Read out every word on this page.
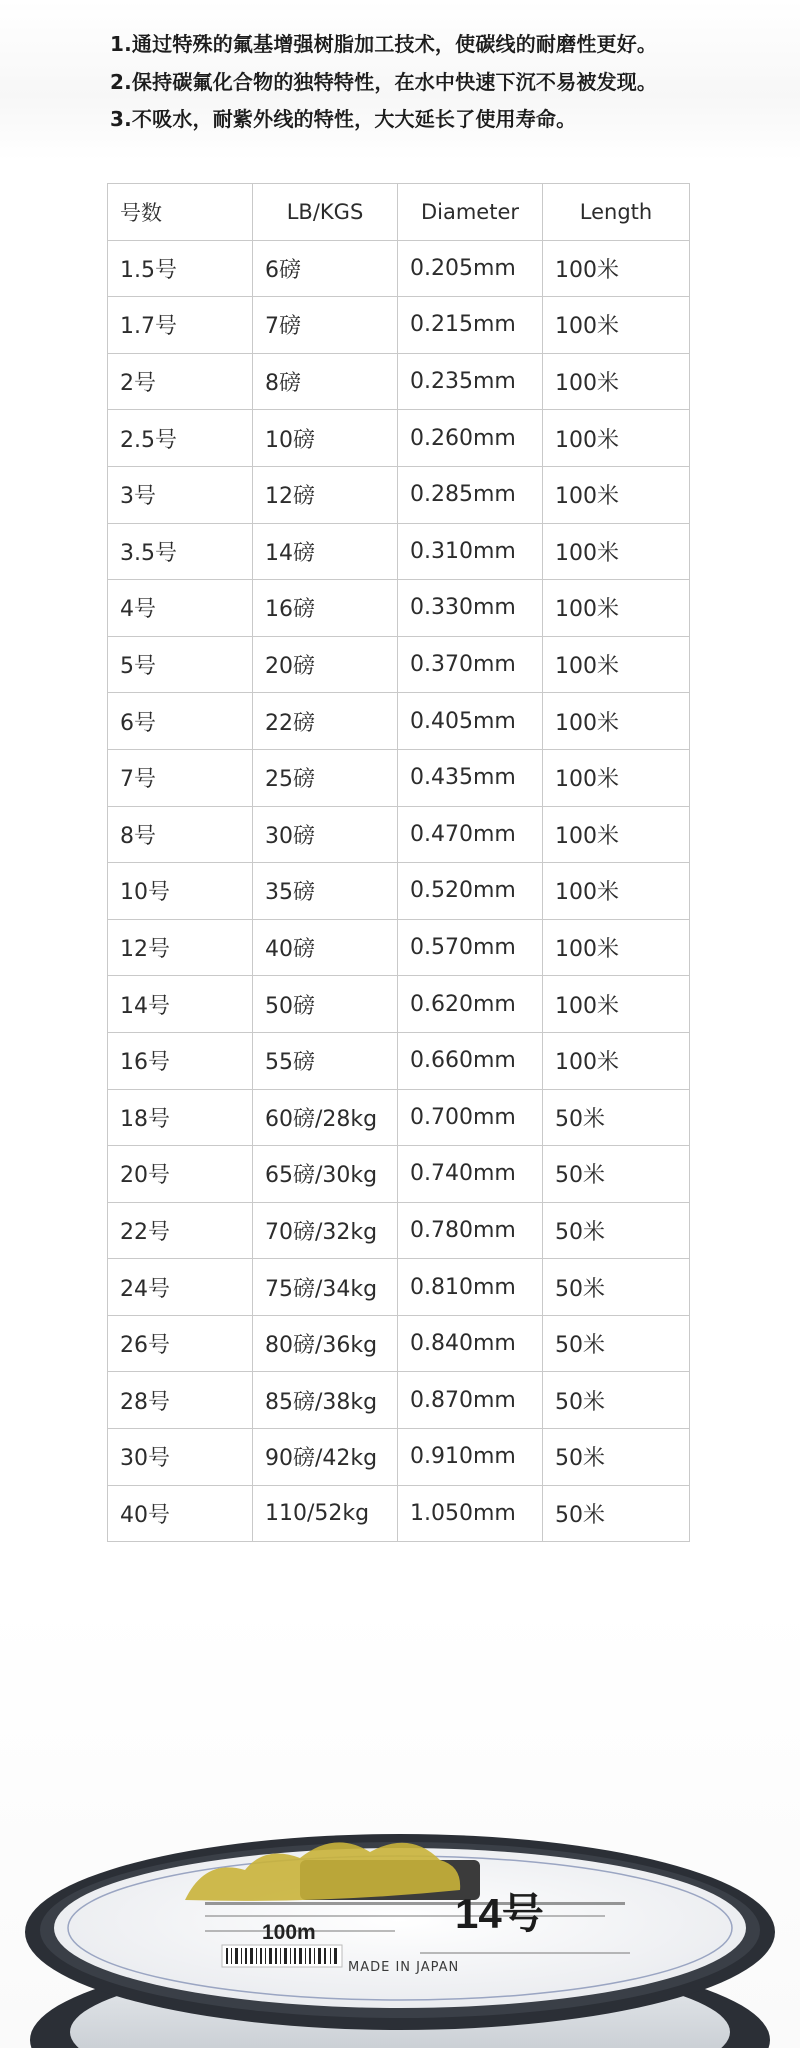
1.通过特殊的氟基增强树脂加工技术，使碳线的耐磨性更好。
2.保持碳氟化合物的独特特性，在水中快速下沉不易被发现。
3.不吸水，耐紫外线的特性，大大延长了使用寿命。
号数	LB/KGS	Diameter	Length
1.5号	6磅	0.205mm	100米
1.7号	7磅	0.215mm	100米
2号	8磅	0.235mm	100米
2.5号	10磅	0.260mm	100米
3号	12磅	0.285mm	100米
3.5号	14磅	0.310mm	100米
4号	16磅	0.330mm	100米
5号	20磅	0.370mm	100米
6号	22磅	0.405mm	100米
7号	25磅	0.435mm	100米
8号	30磅	0.470mm	100米
10号	35磅	0.520mm	100米
12号	40磅	0.570mm	100米
14号	50磅	0.620mm	100米
16号	55磅	0.660mm	100米
18号	60磅/28kg	0.700mm	50米
20号	65磅/30kg	0.740mm	50米
22号	70磅/32kg	0.780mm	50米
24号	75磅/34kg	0.810mm	50米
26号	80磅/36kg	0.840mm	50米
28号	85磅/38kg	0.870mm	50米
30号	90磅/42kg	0.910mm	50米
40号	110/52kg	1.050mm	50米
14号
100m
MADE IN JAPAN
